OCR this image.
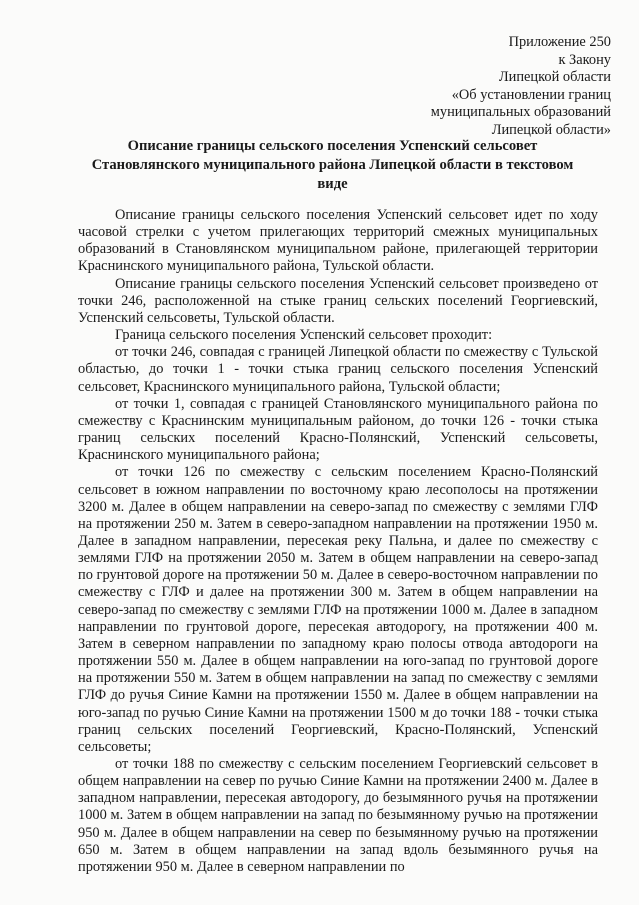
Приложение 250
к Закону
Липецкой области
«Об установлении границ
муниципальных образований
Липецкой области»
Описание границы сельского поселения Успенский сельсовет
Становлянского муниципального района Липецкой области в текстовом
виде

Описание границы сельского поселения Успенский сельсовет идет по ходу часовой стрелки с учетом прилегающих территорий смежных муниципальных образований в Становлянском муниципальном районе, прилегающей территории Краснинского муниципального района, Тульской области.

Описание границы сельского поселения Успенский сельсовет произведено от точки 246, расположенной на стыке границ сельских поселений Георгиевский, Успенский сельсоветы, Тульской области.

Граница сельского поселения Успенский сельсовет проходит:

от точки 246, совпадая с границей Липецкой области по смежеству с Тульской областью, до точки 1 - точки стыка границ сельского поселения Успенский сельсовет, Краснинского муниципального района, Тульской области;

от точки 1, совпадая с границей Становлянского муниципального района по смежеству с Краснинским муниципальным районом, до точки 126 - точки стыка границ сельских поселений Красно-Полянский, Успенский сельсоветы, Краснинского муниципального района;

от точки 126 по смежеству с сельским поселением Красно-Полянский сельсовет в южном направлении по восточному краю лесополосы на протяжении 3200 м. Далее в общем направлении на северо-запад по смежеству с землями ГЛФ на протяжении 250 м. Затем в северо-западном направлении на протяжении 1950 м. Далее в западном направлении, пересекая реку Пальна, и далее по смежеству с землями ГЛФ на протяжении 2050 м. Затем в общем направлении на северо-запад по грунтовой дороге на протяжении 50 м. Далее в северо-восточном направлении по смежеству с ГЛФ и далее на протяжении 300 м. Затем в общем направлении на северо-запад по смежеству с землями ГЛФ на протяжении 1000 м. Далее в западном направлении по грунтовой дороге, пересекая автодорогу, на протяжении 400 м. Затем в северном направлении по западному краю полосы отвода автодороги на протяжении 550 м. Далее в общем направлении на юго-запад по грунтовой дороге на протяжении 550 м. Затем в общем направлении на запад по смежеству с землями ГЛФ до ручья Синие Камни на протяжении 1550 м. Далее в общем направлении на юго-запад по ручью Синие Камни на протяжении 1500 м до точки 188 - точки стыка границ сельских поселений Георгиевский, Красно-Полянский, Успенский сельсоветы;

от точки 188 по смежеству с сельским поселением Георгиевский сельсовет в общем направлении на север по ручью Синие Камни на протяжении 2400 м. Далее в западном направлении, пересекая автодорогу, до безымянного ручья на протяжении 1000 м. Затем в общем направлении на запад по безымянному ручью на протяжении 950 м. Далее в общем направлении на север по безымянному ручью на протяжении 650 м. Затем в общем направлении на запад вдоль безымянного ручья на протяжении 950 м. Далее в северном направлении по
